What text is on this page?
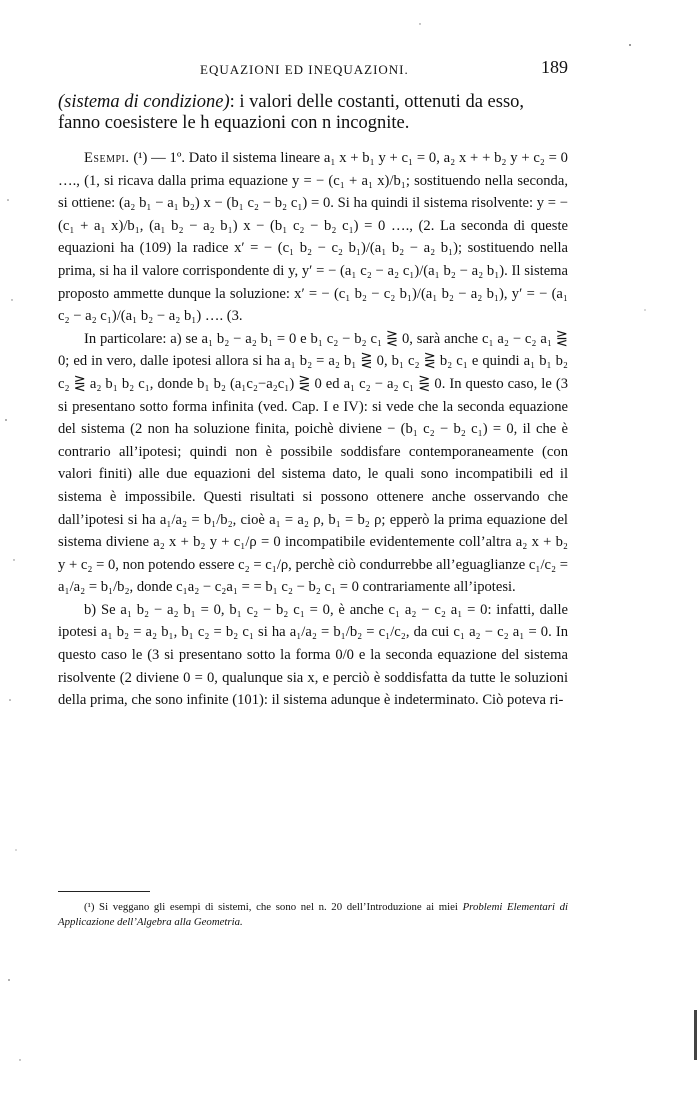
EQUAZIONI ED INEQUAZIONI.	189
(sistema di condizione): i valori delle costanti, ottenuti da esso, fanno coesistere le h equazioni con n incognite.

Esempi. (¹) — 1º. Dato il sistema lineare a₁ x + b₁ y + c₁ = 0, a₂ x + + b₂ y + c₂ = 0 …., (1, si ricava dalla prima equazione y = − (c₁ + a₁ x)/b₁; sostituendo nella seconda, si ottiene: (a₂ b₁ − a₁ b₂) x − (b₁ c₂ − b₂ c₁) = 0. Si ha quindi il sistema risolvente: y = − (c₁ + a₁ x)/b₁, (a₁ b₂ − a₂ b₁) x − (b₁ c₂ − b₂ c₁) = 0 …., (2. La seconda di queste equazioni ha (109) la radice x′ = − (c₁ b₂ − c₂ b₁)/(a₁ b₂ − a₂ b₁); sostituendo nella prima, si ha il valore corrispondente di y, y′ = − (a₁ c₂ − a₂ c₁)/(a₁ b₂ − a₂ b₁). Il sistema proposto ammette dunque la soluzione: x′ = − (c₁ b₂ − c₂ b₁)/(a₁ b₂ − a₂ b₁), y′ = − (a₁ c₂ − a₂ c₁)/(a₁ b₂ − a₂ b₁) …. (3.

In particolare: a) se a₁ b₂ − a₂ b₁ = 0 e b₁ c₂ − b₂ c₁ ⋛ 0, sarà anche c₁ a₂ − c₂ a₁ ⋛ 0; ed in vero, dalle ipotesi allora si ha a₁ b₂ = a₂ b₁ ⋛ 0, b₁ c₂ ⋛ b₂ c₁ e quindi a₁ b₁ b₂ c₂ ⋛ a₂ b₁ b₂ c₁, donde b₁ b₂ (a₁c₂−a₂c₁) ⋛ 0 ed a₁ c₂ − a₂ c₁ ⋛ 0. In questo caso, le (3 si presentano sotto forma infinita (ved. Cap. I e IV): si vede che la seconda equazione del sistema (2 non ha soluzione finita, poichè diviene − (b₁ c₂ − b₂ c₁) = 0, il che è contrario all’ipotesi; quindi non è possibile soddisfare contemporaneamente (con valori finiti) alle due equazioni del sistema dato, le quali sono incompatibili ed il sistema è impossibile. Questi risultati si possono ottenere anche osservando che dall’ipotesi si ha a₁/a₂ = b₁/b₂, cioè a₁ = a₂ ρ, b₁ = b₂ ρ; epperò la prima equazione del sistema diviene a₂ x + b₂ y + c₁/ρ = 0 incompatibile evidentemente coll’altra a₂ x + b₂ y + c₂ = 0, non potendo essere c₂ = c₁/ρ, perchè ciò condurrebbe all’eguaglianze c₁/c₂ = a₁/a₂ = b₁/b₂, donde c₁a₂ − c₂a₁ = = b₁ c₂ − b₂ c₁ = 0 contrariamente all’ipotesi.

b) Se a₁ b₂ − a₂ b₁ = 0, b₁ c₂ − b₂ c₁ = 0, è anche c₁ a₂ − c₂ a₁ = 0: infatti, dalle ipotesi a₁ b₂ = a₂ b₁, b₁ c₂ = b₂ c₁ si ha a₁/a₂ = b₁/b₂ = c₁/c₂, da cui c₁ a₂ − c₂ a₁ = 0. In questo caso le (3 si presentano sotto la forma 0/0 e la seconda equazione del sistema risolvente (2 diviene 0 = 0, qualunque sia x, e perciò è soddisfatta da tutte le soluzioni della prima, che sono infinite (101): il sistema adunque è indeterminato. Ciò poteva ri-

(¹) Si veggano gli esempi di sistemi, che sono nel n. 20 dell’Introduzione ai miei Problemi Elementari di Applicazione dell’Algebra alla Geometria.
